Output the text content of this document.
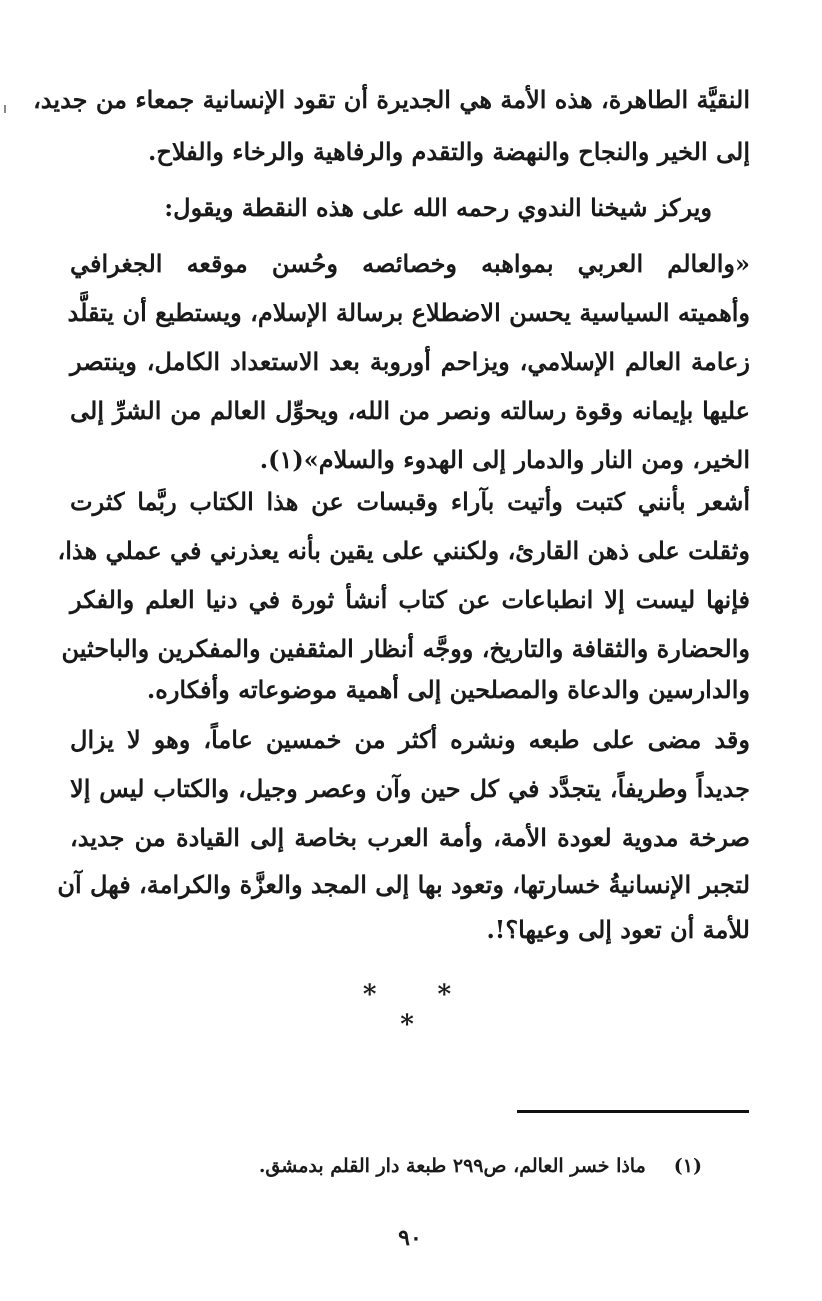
النقيَّة الطاهرة، هذه الأمة هي الجديرة أن تقود الإنسانية جمعاء من جديد،
إلى الخير والنجاح والنهضة والتقدم والرفاهية والرخاء والفلاح.
ويركز شيخنا الندوي رحمه الله على هذه النقطة ويقول:
«والعالم العربي بمواهبه وخصائصه وحُسن موقعه الجغرافي
وأهميته السياسية يحسن الاضطلاع برسالة الإسلام، ويستطيع أن يتقلَّد
زعامة العالم الإسلامي، ويزاحم أوروبة بعد الاستعداد الكامل، وينتصر
عليها بإيمانه وقوة رسالته ونصر من الله، ويحوِّل العالم من الشرِّ إلى
الخير، ومن النار والدمار إلى الهدوء والسلام»(١).
أشعر بأنني كتبت وأتيت بآراء وقبسات عن هذا الكتاب ربَّما كثرت
وثقلت على ذهن القارئ، ولكنني على يقين بأنه يعذرني في عملي هذا،
فإنها ليست إلا انطباعات عن كتاب أنشأ ثورة في دنيا العلم والفكر
والحضارة والثقافة والتاريخ، ووجَّه أنظار المثقفين والمفكرين والباحثين
والدارسين والدعاة والمصلحين إلى أهمية موضوعاته وأفكاره.
وقد مضى على طبعه ونشره أكثر من خمسين عاماً، وهو لا يزال
جديداً وطريفاً، يتجدَّد في كل حين وآن وعصر وجيل، والكتاب ليس إلا
صرخة مدوية لعودة الأمة، وأمة العرب بخاصة إلى القيادة من جديد،
لتجبر الإنسانيةُ خسارتها، وتعود بها إلى المجد والعزَّة والكرامة، فهل آن
للأمة أن تعود إلى وعيها؟!.
* * *
(١)ماذا خسر العالم، ص٢٩٩ طبعة دار القلم بدمشق.
٩٠
